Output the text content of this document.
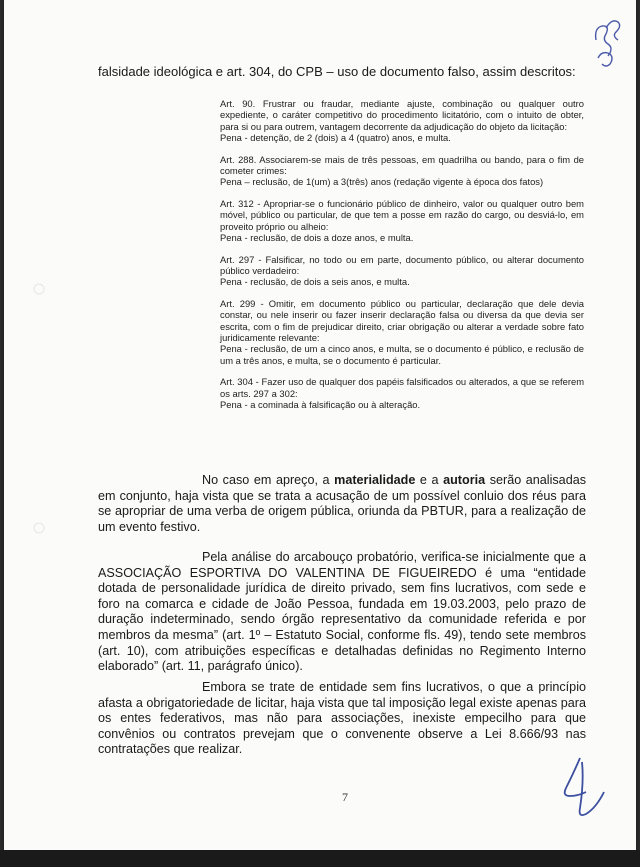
falsidade ideológica e art. 304, do CPB – uso de documento falso, assim descritos:

Art. 90. Frustrar ou fraudar, mediante ajuste, combinação ou qualquer outro expediente, o caráter competitivo do procedimento licitatório, com o intuito de obter, para si ou para outrem, vantagem decorrente da adjudicação do objeto da licitação:

Pena - detenção, de 2 (dois) a 4 (quatro) anos, e multa.

Art. 288. Associarem-se mais de três pessoas, em quadrilha ou bando, para o fim de cometer crimes:

Pena – reclusão, de 1(um) a 3(três) anos (redação vigente à época dos fatos)

Art. 312 - Apropriar-se o funcionário público de dinheiro, valor ou qualquer outro bem móvel, público ou particular, de que tem a posse em razão do cargo, ou desviá-lo, em proveito próprio ou alheio:

Pena - reclusão, de dois a doze anos, e multa.

Art. 297 - Falsificar, no todo ou em parte, documento público, ou alterar documento público verdadeiro:

Pena - reclusão, de dois a seis anos, e multa.

Art. 299 - Omitir, em documento público ou particular, declaração que dele devia constar, ou nele inserir ou fazer inserir declaração falsa ou diversa da que devia ser escrita, com o fim de prejudicar direito, criar obrigação ou alterar a verdade sobre fato juridicamente relevante:

Pena - reclusão, de um a cinco anos, e multa, se o documento é público, e reclusão de um a três anos, e multa, se o documento é particular.

Art. 304 - Fazer uso de qualquer dos papéis falsificados ou alterados, a que se referem os arts. 297 a 302:

Pena - a cominada à falsificação ou à alteração.

No caso em apreço, a materialidade e a autoria serão analisadas em conjunto, haja vista que se trata a acusação de um possível conluio dos réus para se apropriar de uma verba de origem pública, oriunda da PBTUR, para a realização de um evento festivo.
Pela análise do arcabouço probatório, verifica-se inicialmente que a ASSOCIAÇÃO ESPORTIVA DO VALENTINA DE FIGUEIREDO é uma “entidade dotada de personalidade jurídica de direito privado, sem fins lucrativos, com sede e foro na comarca e cidade de João Pessoa, fundada em 19.03.2003, pelo prazo de duração indeterminado, sendo órgão representativo da comunidade referida e por membros da mesma” (art. 1º – Estatuto Social, conforme fls. 49), tendo sete membros (art. 10), com atribuições específicas e detalhadas definidas no Regimento Interno elaborado” (art. 11, parágrafo único).
Embora se trate de entidade sem fins lucrativos, o que a princípio afasta a obrigatoriedade de licitar, haja vista que tal imposição legal existe apenas para os entes federativos, mas não para associações, inexiste empecilho para que convênios ou contratos prevejam que o convenente observe a Lei 8.666/93 nas contratações que realizar.
7
